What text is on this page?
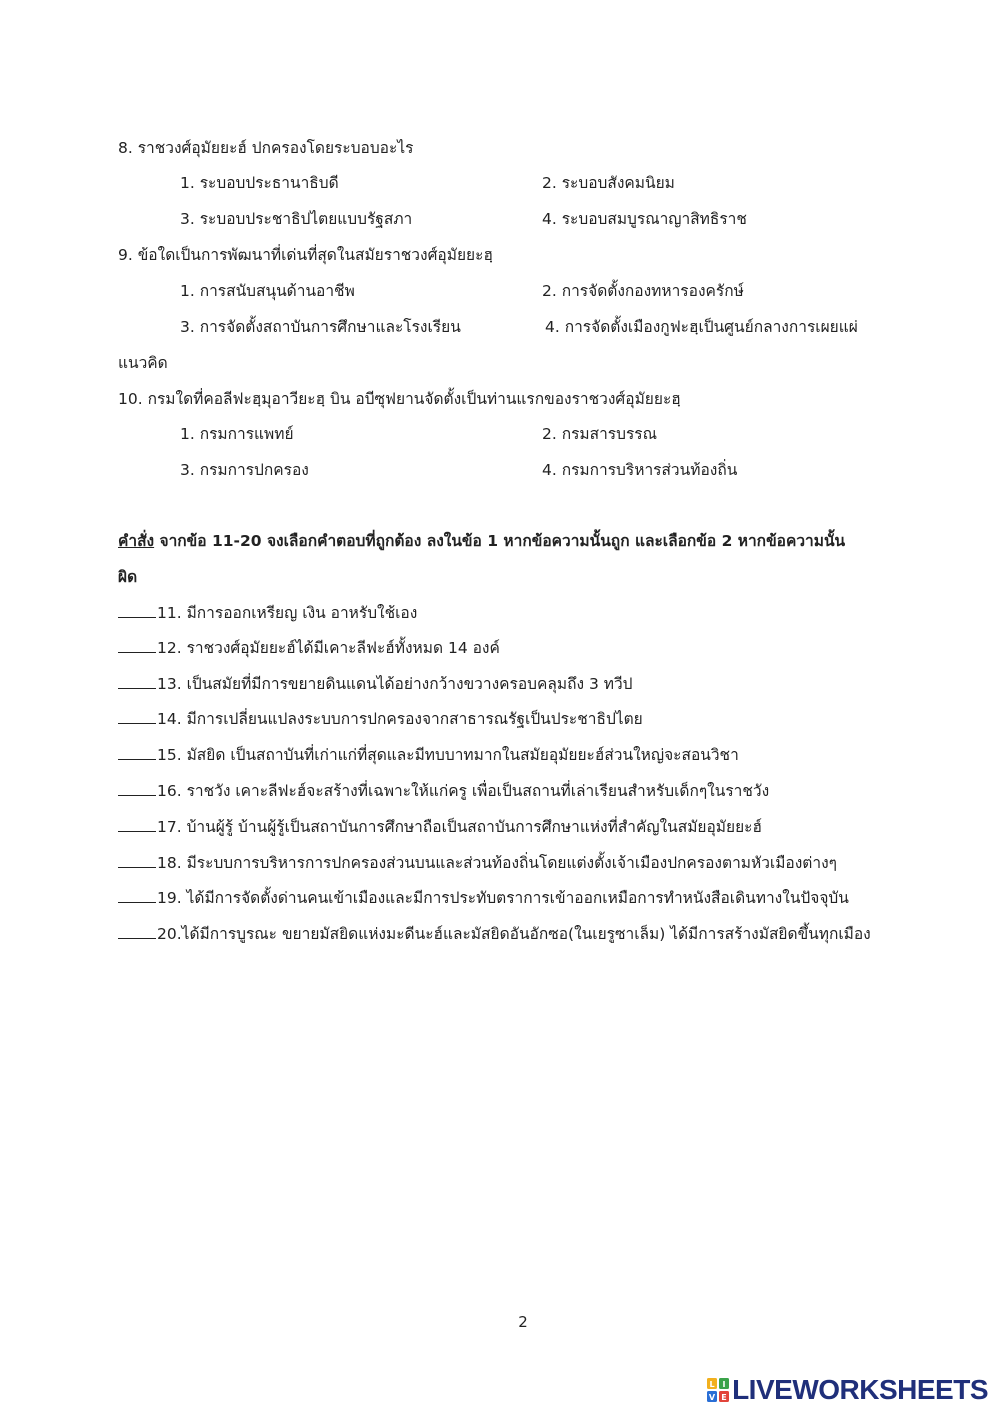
8. ราชวงศ์อุมัยยะฮ์ ปกครองโดยระบอบอะไร
1. ระบอบประธานาธิบดี	2. ระบอบสังคมนิยม
3. ระบอบประชาธิปไตยแบบรัฐสภา	4. ระบอบสมบูรณาญาสิทธิราช
9. ข้อใดเป็นการพัฒนาที่เด่นที่สุดในสมัยราชวงศ์อุมัยยะฮฺ
1. การสนับสนุนด้านอาชีพ	2. การจัดตั้งกองทหารองครักษ์
3. การจัดตั้งสถาบันการศึกษาและโรงเรียน	4. การจัดตั้งเมืองกูฟะฮฺเป็นศูนย์กลางการเผยแผ่
แนวคิด
10. กรมใดที่คอลีฟะฮฺมุอาวียะฮฺ บิน อบีซุฟยานจัดตั้งเป็นท่านแรกของราชวงศ์อุมัยยะฮฺ
1. กรมการแพทย์	2. กรมสารบรรณ
3. กรมการปกครอง	4. กรมการบริหารส่วนท้องถิ่น
คำสั่ง จากข้อ 11-20 จงเลือกคำตอบที่ถูกต้อง ลงในข้อ 1 หากข้อความนั้นถูก และเลือกข้อ 2 หากข้อความนั้น
ผิด
11. มีการออกเหรียญ เงิน อาหรับใช้เอง
12. ราชวงศ์อุมัยยะฮ์ได้มีเคาะลีฟะฮ์ทั้งหมด 14 องค์
13. เป็นสมัยที่มีการขยายดินแดนได้อย่างกว้างขวางครอบคลุมถึง 3 ทวีป
14. มีการเปลี่ยนแปลงระบบการปกครองจากสาธารณรัฐเป็นประชาธิปไตย
15. มัสยิด เป็นสถาบันที่เก่าแก่ที่สุดและมีทบบาทมากในสมัยอุมัยยะฮ์ส่วนใหญ่จะสอนวิชา
16. ราชวัง เคาะลีฟะฮ์จะสร้างที่เฉพาะให้แก่ครู เพื่อเป็นสถานที่เล่าเรียนสำหรับเด็กๆในราชวัง
17. บ้านผู้รู้ บ้านผู้รู้เป็นสถาบันการศึกษาถือเป็นสถาบันการศึกษาแห่งที่สำคัญในสมัยอุมัยยะฮ์
18. มีระบบการบริหารการปกครองส่วนบนและส่วนท้องถิ่นโดยแต่งตั้งเจ้าเมืองปกครองตามหัวเมืองต่างๆ
19. ได้มีการจัดตั้งด่านคนเข้าเมืองและมีการประทับตราการเข้าออกเหมือการทำหนังสือเดินทางในปัจจุบัน
20.ได้มีการบูรณะ ขยายมัสยิดแห่งมะดีนะฮ์และมัสยิดอันอักซอ(ในเยรูซาเล็ม) ได้มีการสร้างมัสยิดขึ้นทุกเมือง
2
L I
V E LIVEWORKSHEETS
